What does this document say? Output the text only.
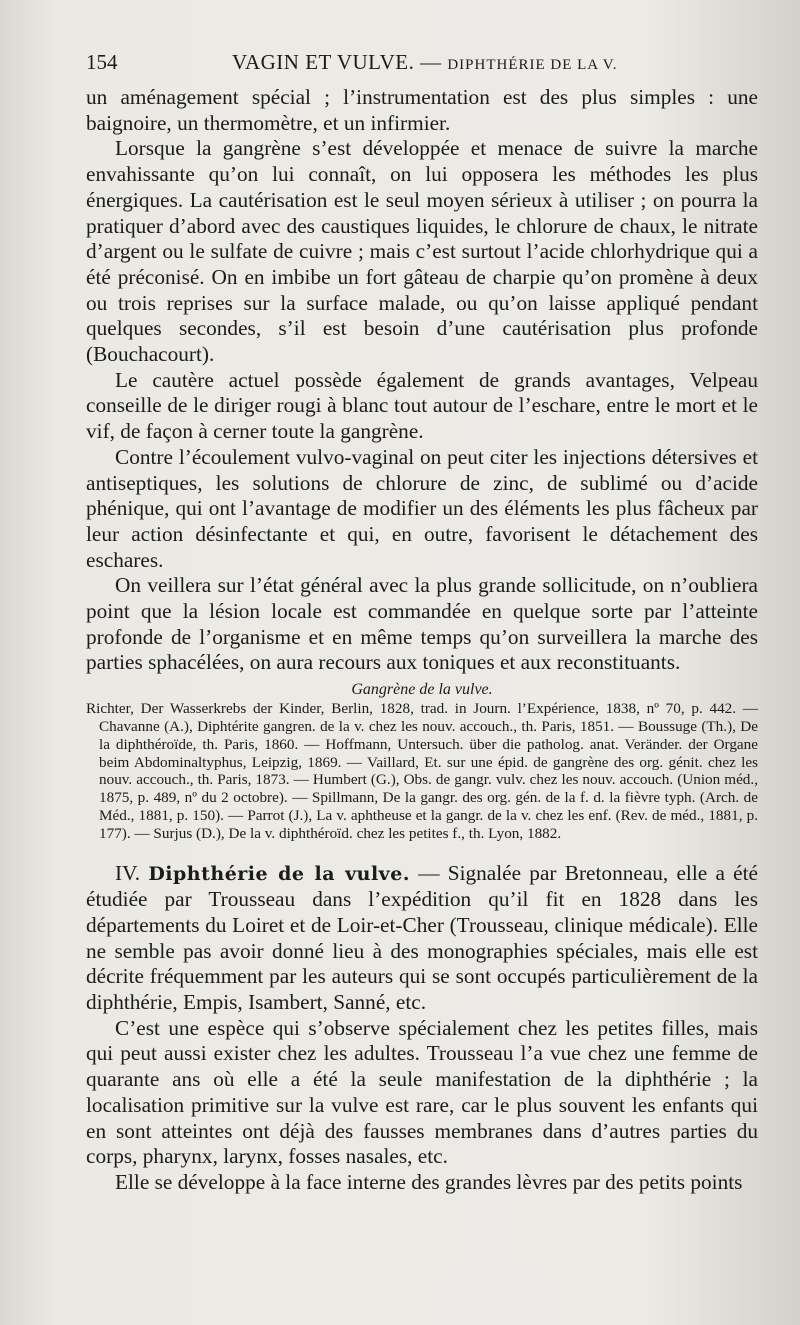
154	VAGIN ET VULVE. — DIPHTHÉRIE DE LA V.

un aménagement spécial ; l’instrumentation est des plus simples : une baignoire, un thermomètre, et un infirmier.

Lorsque la gangrène s’est développée et menace de suivre la marche envahissante qu’on lui connaît, on lui opposera les méthodes les plus énergiques. La cautérisation est le seul moyen sérieux à utiliser ; on pourra la pratiquer d’abord avec des caustiques liquides, le chlorure de chaux, le nitrate d’argent ou le sulfate de cuivre ; mais c’est surtout l’acide chlorhydrique qui a été préconisé. On en imbibe un fort gâteau de charpie qu’on promène à deux ou trois reprises sur la surface malade, ou qu’on laisse appliqué pendant quelques secondes, s’il est besoin d’une cautérisation plus profonde (Bouchacourt).

Le cautère actuel possède également de grands avantages, Velpeau conseille de le diriger rougi à blanc tout autour de l’eschare, entre le mort et le vif, de façon à cerner toute la gangrène.

Contre l’écoulement vulvo-vaginal on peut citer les injections détersives et antiseptiques, les solutions de chlorure de zinc, de sublimé ou d’acide phénique, qui ont l’avantage de modifier un des éléments les plus fâcheux par leur action désinfectante et qui, en outre, favorisent le détachement des eschares.

On veillera sur l’état général avec la plus grande sollicitude, on n’oubliera point que la lésion locale est commandée en quelque sorte par l’atteinte profonde de l’organisme et en même temps qu’on surveillera la marche des parties sphacélées, on aura recours aux toniques et aux reconstituants.

Gangrène de la vulve.
Richter, Der Wasserkrebs der Kinder, Berlin, 1828, trad. in Journ. l’Expérience, 1838, nº 70, p. 442. — Chavanne (A.), Diphtérite gangren. de la v. chez les nouv. accouch., th. Paris, 1851. — Boussuge (Th.), De la diphthéroïde, th. Paris, 1860. — Hoffmann, Untersuch. über die patholog. anat. Veränder. der Organe beim Abdominaltyphus, Leipzig, 1869. — Vaillard, Et. sur une épid. de gangrène des org. génit. chez les nouv. accouch., th. Paris, 1873. — Humbert (G.), Obs. de gangr. vulv. chez les nouv. accouch. (Union méd., 1875, p. 489, nº du 2 octobre). — Spillmann, De la gangr. des org. gén. de la f. d. la fièvre typh. (Arch. de Méd., 1881, p. 150). — Parrot (J.), La v. aphtheuse et la gangr. de la v. chez les enf. (Rev. de méd., 1881, p. 177). — Surjus (D.), De la v. diphthéroïd. chez les petites f., th. Lyon, 1882.

IV. Diphthérie de la vulve. — Signalée par Bretonneau, elle a été étudiée par Trousseau dans l’expédition qu’il fit en 1828 dans les départements du Loiret et de Loir-et-Cher (Trousseau, clinique médicale). Elle ne semble pas avoir donné lieu à des monographies spéciales, mais elle est décrite fréquemment par les auteurs qui se sont occupés particulièrement de la diphthérie, Empis, Isambert, Sanné, etc.

C’est une espèce qui s’observe spécialement chez les petites filles, mais qui peut aussi exister chez les adultes. Trousseau l’a vue chez une femme de quarante ans où elle a été la seule manifestation de la diphthérie ; la localisation primitive sur la vulve est rare, car le plus souvent les enfants qui en sont atteintes ont déjà des fausses membranes dans d’autres parties du corps, pharynx, larynx, fosses nasales, etc.

Elle se développe à la face interne des grandes lèvres par des petits points
